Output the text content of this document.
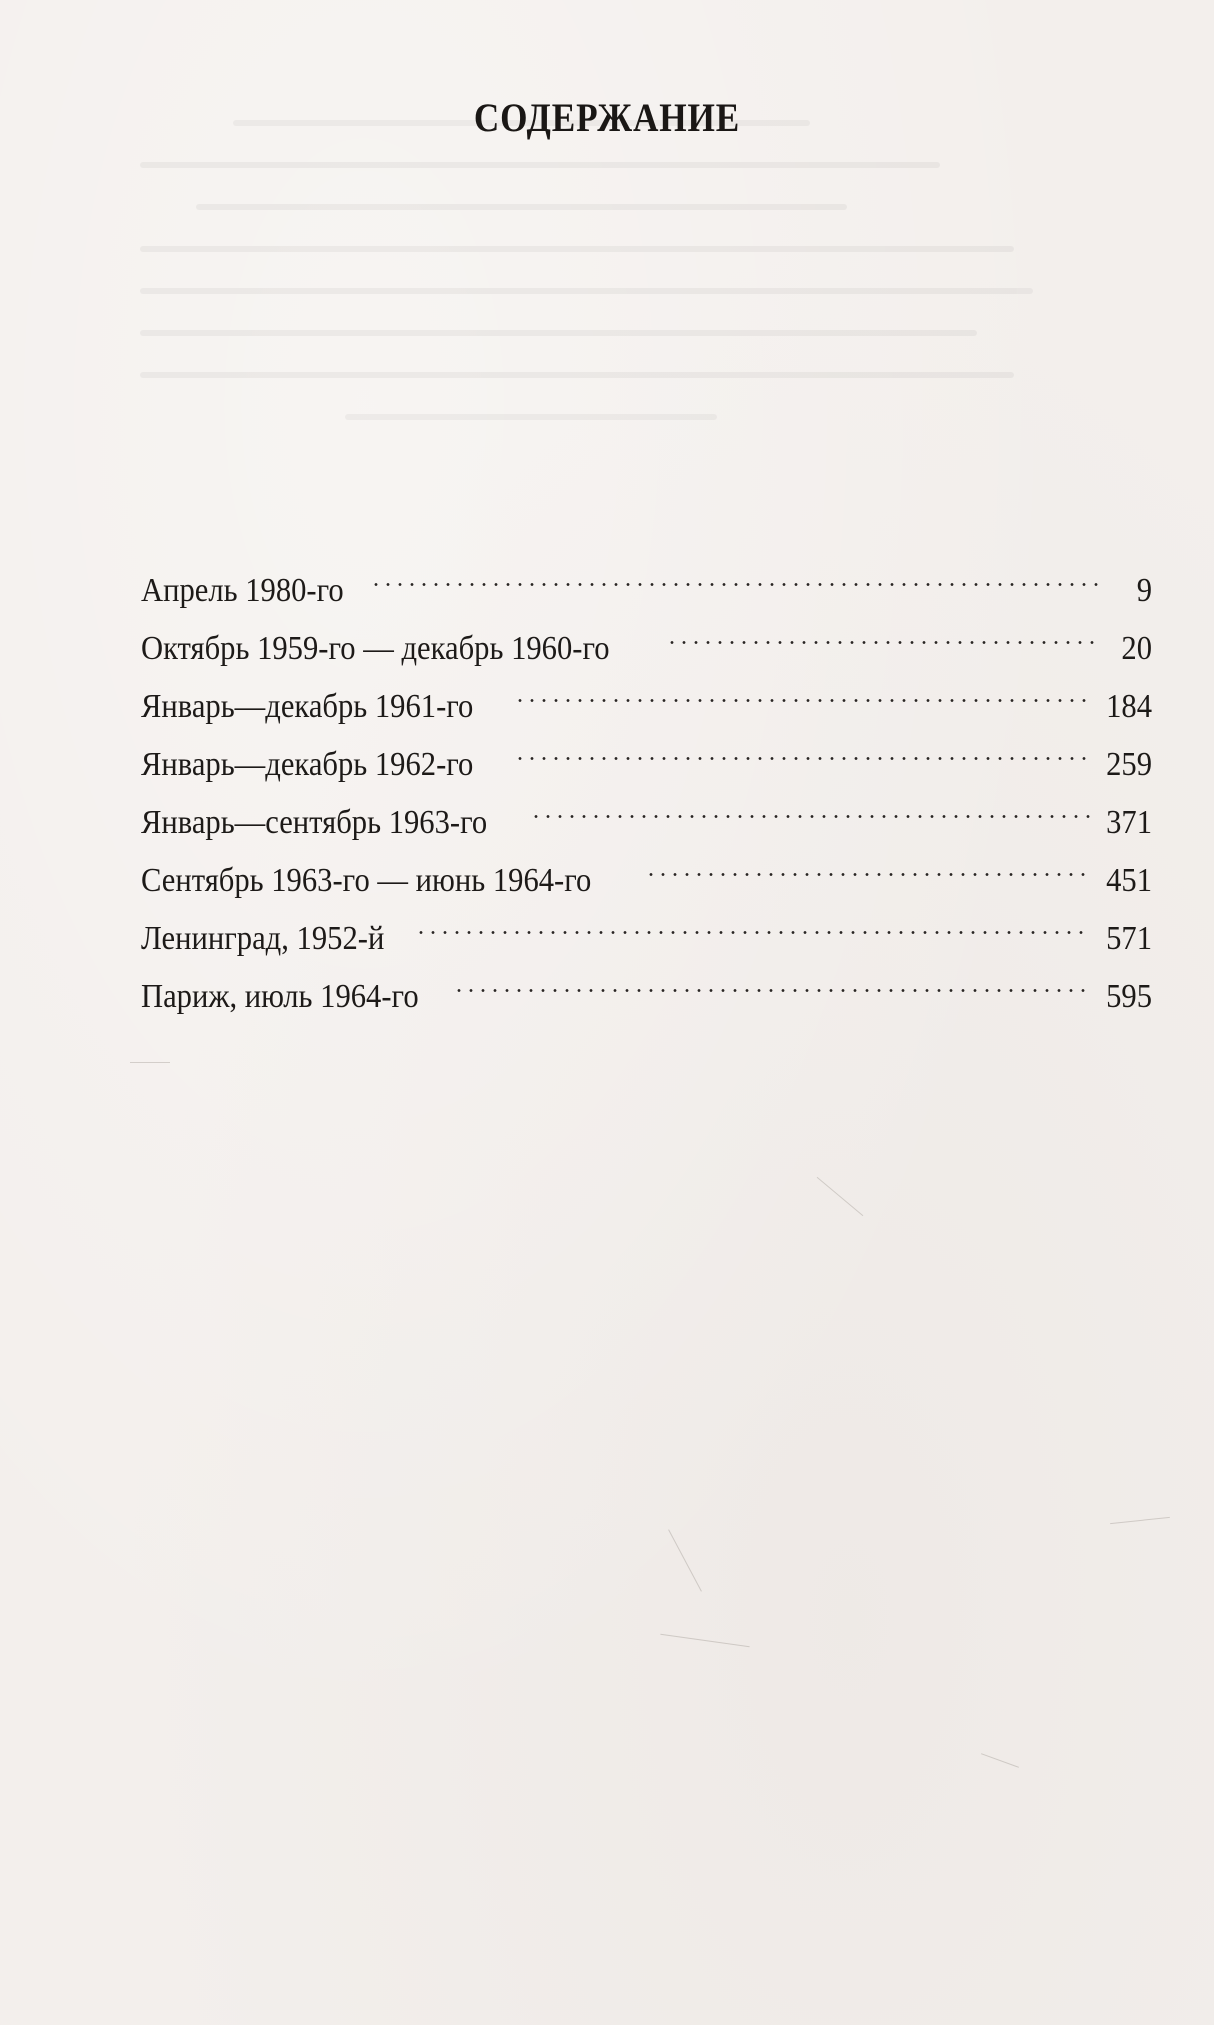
СОДЕРЖАНИЕ
Апрель 1980-го	9
Октябрь 1959-го — декабрь 1960-го	20
Январь—декабрь 1961-го	184
Январь—декабрь 1962-го	259
Январь—сентябрь 1963-го	371
Сентябрь 1963-го — июнь 1964-го	451
Ленинград, 1952-й	571
Париж, июль 1964-го	595
